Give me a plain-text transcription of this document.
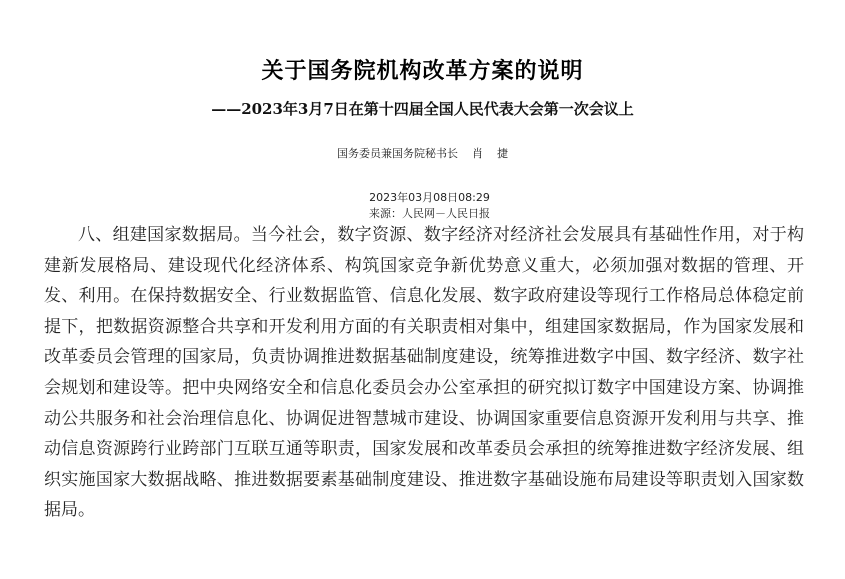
关于国务院机构改革方案的说明
——2023年3月7日在第十四届全国人民代表大会第一次会议上
国务委员兼国务院秘书长    肖    捷

2023年03月08日08:29
来源：人民网－人民日报

八、组建国家数据局。当今社会，数字资源、数字经济对经济社会发展具有基础性作用，对于构建新发展格局、建设现代化经济体系、构筑国家竞争新优势意义重大，必须加强对数据的管理、开发、利用。在保持数据安全、行业数据监管、信息化发展、数字政府建设等现行工作格局总体稳定前提下，把数据资源整合共享和开发利用方面的有关职责相对集中，组建国家数据局，作为国家发展和改革委员会管理的国家局，负责协调推进数据基础制度建设，统筹推进数字中国、数字经济、数字社会规划和建设等。把中央网络安全和信息化委员会办公室承担的研究拟订数字中国建设方案、协调推动公共服务和社会治理信息化、协调促进智慧城市建设、协调国家重要信息资源开发利用与共享、推动信息资源跨行业跨部门互联互通等职责，国家发展和改革委员会承担的统筹推进数字经济发展、组织实施国家大数据战略、推进数据要素基础制度建设、推进数字基础设施布局建设等职责划入国家数据局。
